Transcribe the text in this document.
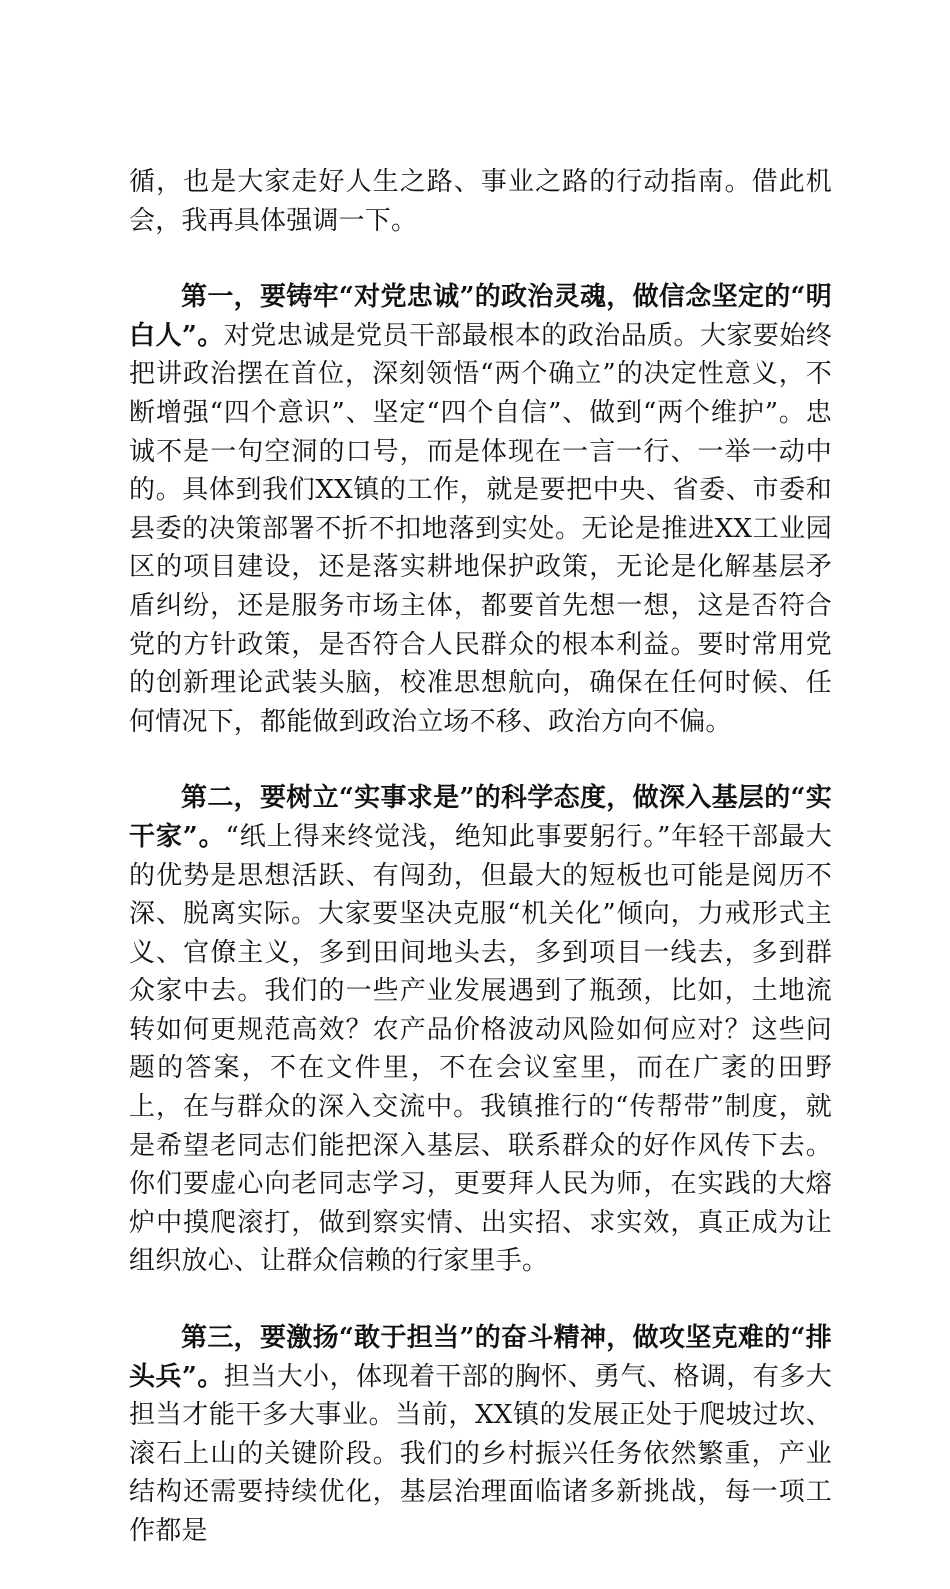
循，也是大家走好人生之路、事业之路的行动指南。借此机会，我再具体强调一下。

第一，要铸牢“对党忠诚”的政治灵魂，做信念坚定的“明白人”。对党忠诚是党员干部最根本的政治品质。大家要始终把讲政治摆在首位，深刻领悟“两个确立”的决定性意义，不断增强“四个意识”、坚定“四个自信”、做到“两个维护”。忠诚不是一句空洞的口号，而是体现在一言一行、一举一动中的。具体到我们XX镇的工作，就是要把中央、省委、市委和县委的决策部署不折不扣地落到实处。无论是推进XX工业园区的项目建设，还是落实耕地保护政策，无论是化解基层矛盾纠纷，还是服务市场主体，都要首先想一想，这是否符合党的方针政策，是否符合人民群众的根本利益。要时常用党的创新理论武装头脑，校准思想航向，确保在任何时候、任何情况下，都能做到政治立场不移、政治方向不偏。

第二，要树立“实事求是”的科学态度，做深入基层的“实干家”。“纸上得来终觉浅，绝知此事要躬行。”年轻干部最大的优势是思想活跃、有闯劲，但最大的短板也可能是阅历不深、脱离实际。大家要坚决克服“机关化”倾向，力戒形式主义、官僚主义，多到田间地头去，多到项目一线去，多到群众家中去。我们的一些产业发展遇到了瓶颈，比如，土地流转如何更规范高效？农产品价格波动风险如何应对？这些问题的答案，不在文件里，不在会议室里，而在广袤的田野上，在与群众的深入交流中。我镇推行的“传帮带”制度，就是希望老同志们能把深入基层、联系群众的好作风传下去。你们要虚心向老同志学习，更要拜人民为师，在实践的大熔炉中摸爬滚打，做到察实情、出实招、求实效，真正成为让组织放心、让群众信赖的行家里手。

第三，要激扬“敢于担当”的奋斗精神，做攻坚克难的“排头兵”。担当大小，体现着干部的胸怀、勇气、格调，有多大担当才能干多大事业。当前，XX镇的发展正处于爬坡过坎、滚石上山的关键阶段。我们的乡村振兴任务依然繁重，产业结构还需要持续优化，基层治理面临诸多新挑战，每一项工作都是
